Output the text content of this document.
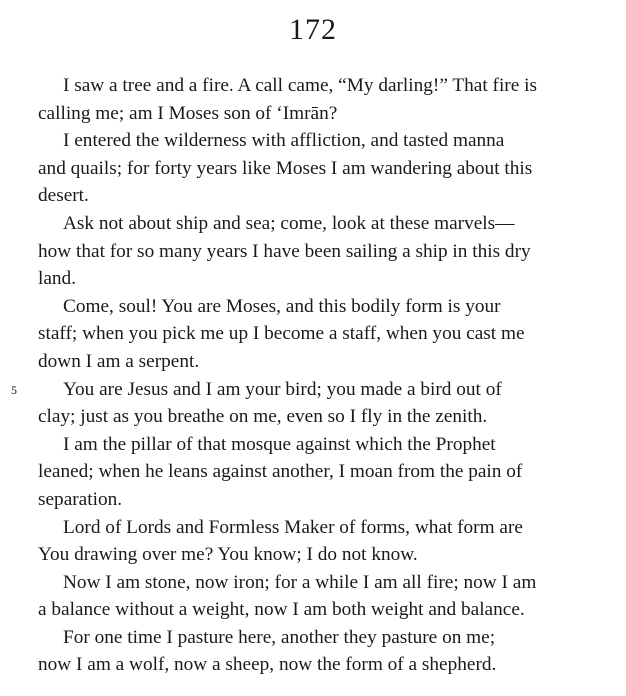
172

I saw a tree and a fire. A call came, “My darling!” That fire is
calling me; am I Moses son of ‘Imrān?

I entered the wilderness with affliction, and tasted manna
and quails; for forty years like Moses I am wandering about this
desert.

Ask not about ship and sea; come, look at these marvels—
how that for so many years I have been sailing a ship in this dry
land.

Come, soul! You are Moses, and this bodily form is your
staff; when you pick me up I become a staff, when you cast me
down I am a serpent.

5	You are Jesus and I am your bird; you made a bird out of
clay; just as you breathe on me, even so I fly in the zenith.

I am the pillar of that mosque against which the Prophet
leaned; when he leans against another, I moan from the pain of
separation.

Lord of Lords and Formless Maker of forms, what form are
You drawing over me? You know; I do not know.

Now I am stone, now iron; for a while I am all fire; now I am
a balance without a weight, now I am both weight and balance.

For one time I pasture here, another they pasture on me;
now I am a wolf, now a sheep, now the form of a shepherd.
